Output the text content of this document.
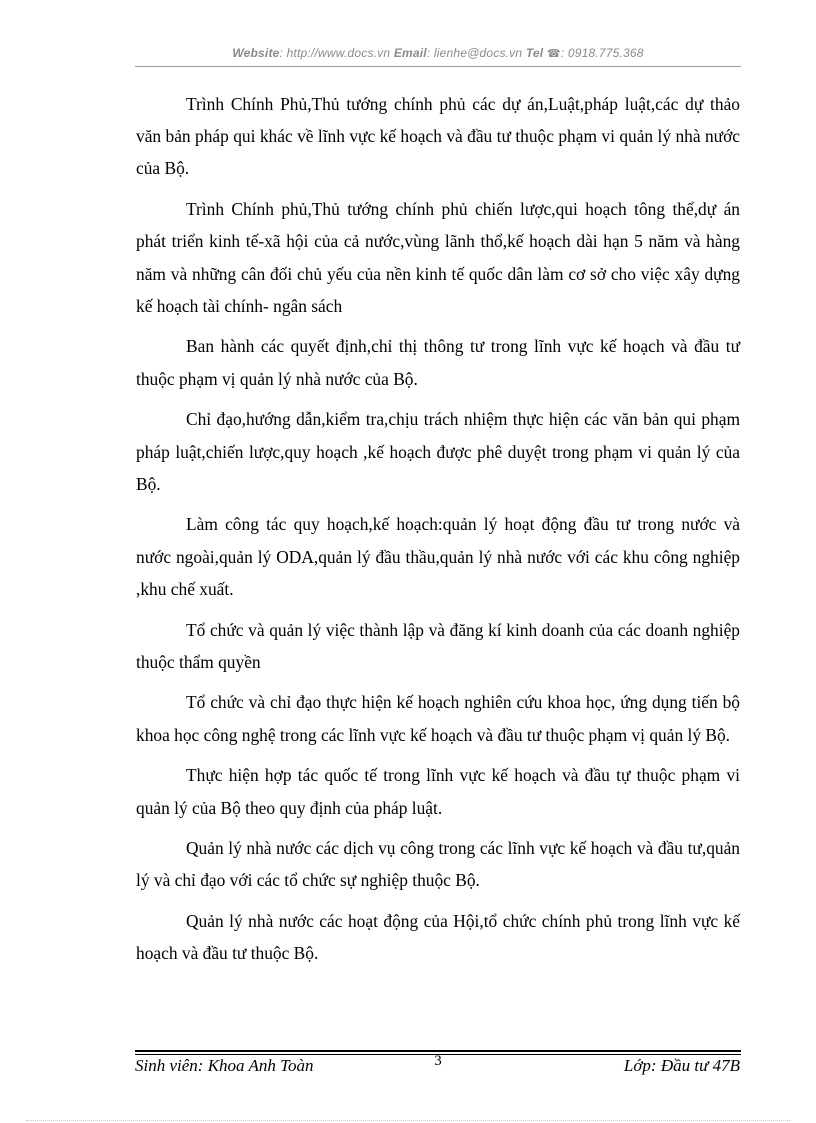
Website: http://www.docs.vn Email: lienhe@docs.vn Tel ☎: 0918.775.368

Trình Chính Phủ,Thủ tướng chính phủ các dự án,Luật,pháp luật,các dự thảo văn bản pháp qui khác về lĩnh vực kế hoạch và đầu tư thuộc phạm vi quản lý nhà nước của Bộ.

Trình Chính phủ,Thủ tướng chính phủ chiến lược,qui hoạch tông thể,dự án phát triển kinh tế-xã hội của cả nước,vùng lãnh thổ,kế hoạch dài hạn 5 năm và hàng năm và những cân đối chủ yếu của nền kinh tế quốc dân làm cơ sở cho việc xây dựng kế hoạch tài chính- ngân sách

Ban hành các quyết định,chỉ thị thông tư trong lĩnh vực kế hoạch và đầu tư thuộc phạm vị quản lý nhà nước của Bộ.

Chỉ đạo,hướng dẫn,kiểm tra,chịu trách nhiệm thực hiện các văn bản qui phạm pháp luật,chiến lược,quy hoạch ,kế hoạch được phê duyệt trong phạm vi quản lý của Bộ.

Làm công tác quy hoạch,kế hoạch:quản lý hoạt động đầu tư trong nước và nước ngoài,quản lý ODA,quản lý đầu thầu,quản lý nhà nước với các khu công nghiệp ,khu chế xuất.

Tổ chức và quản lý việc thành lập và đăng kí kinh doanh của các doanh nghiệp thuộc thẩm quyền

Tổ chức và chỉ đạo thực hiện kế hoạch nghiên cứu khoa học, ứng dụng tiến bộ khoa học công nghệ trong các lĩnh vực kế hoạch và đầu tư thuộc phạm vị quản lý Bộ.

Thực hiện hợp tác quốc tế trong lĩnh vực kế hoạch và đầu tự thuộc phạm vi quản lý của Bộ theo quy định của pháp luật.

Quản lý nhà nước các dịch vụ công trong các lĩnh vực kế hoạch và đầu tư,quản lý và chỉ đạo với các tổ chức sự nghiệp thuộc Bộ.

Quản lý nhà nước các hoạt động của Hội,tổ chức chính phủ trong lĩnh vực kế hoạch và đầu tư thuộc Bộ.

Sinh viên: Khoa Anh Toàn	3	Lớp: Đầu tư 47B
